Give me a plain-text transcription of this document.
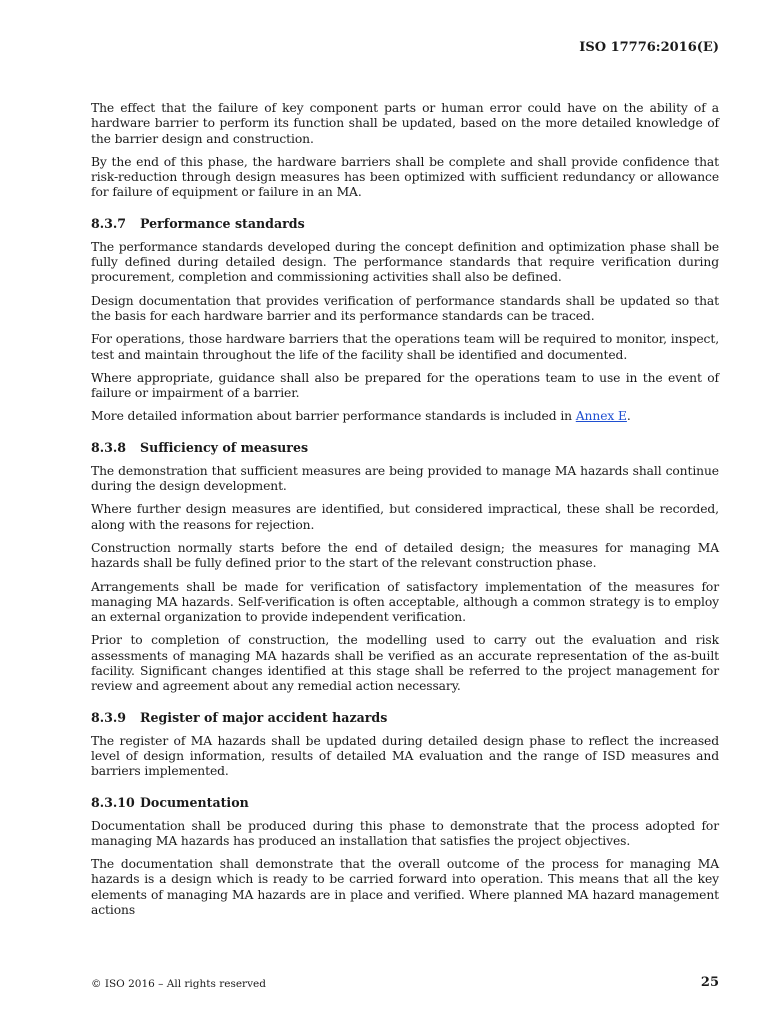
ISO 17776:2016(E)

The effect that the failure of key component parts or human error could have on the ability of a hardware barrier to perform its function shall be updated, based on the more detailed knowledge of the barrier design and construction.

By the end of this phase, the hardware barriers shall be complete and shall provide confidence that risk-reduction through design measures has been optimized with sufficient redundancy or allowance for failure of equipment or failure in an MA.

8.3.7 Performance standards

The performance standards developed during the concept definition and optimization phase shall be fully defined during detailed design. The performance standards that require verification during procurement, completion and commissioning activities shall also be defined.

Design documentation that provides verification of performance standards shall be updated so that the basis for each hardware barrier and its performance standards can be traced.

For operations, those hardware barriers that the operations team will be required to monitor, inspect, test and maintain throughout the life of the facility shall be identified and documented.

Where appropriate, guidance shall also be prepared for the operations team to use in the event of failure or impairment of a barrier.

More detailed information about barrier performance standards is included in Annex E.

8.3.8 Sufficiency of measures

The demonstration that sufficient measures are being provided to manage MA hazards shall continue during the design development.

Where further design measures are identified, but considered impractical, these shall be recorded, along with the reasons for rejection.

Construction normally starts before the end of detailed design; the measures for managing MA hazards shall be fully defined prior to the start of the relevant construction phase.

Arrangements shall be made for verification of satisfactory implementation of the measures for managing MA hazards. Self-verification is often acceptable, although a common strategy is to employ an external organization to provide independent verification.

Prior to completion of construction, the modelling used to carry out the evaluation and risk assessments of managing MA hazards shall be verified as an accurate representation of the as-built facility. Significant changes identified at this stage shall be referred to the project management for review and agreement about any remedial action necessary.

8.3.9 Register of major accident hazards

The register of MA hazards shall be updated during detailed design phase to reflect the increased level of design information, results of detailed MA evaluation and the range of ISD measures and barriers implemented.

8.3.10 Documentation

Documentation shall be produced during this phase to demonstrate that the process adopted for managing MA hazards has produced an installation that satisfies the project objectives.

The documentation shall demonstrate that the overall outcome of the process for managing MA hazards is a design which is ready to be carried forward into operation. This means that all the key elements of managing MA hazards are in place and verified. Where planned MA hazard management actions

© ISO 2016 – All rights reserved	25
